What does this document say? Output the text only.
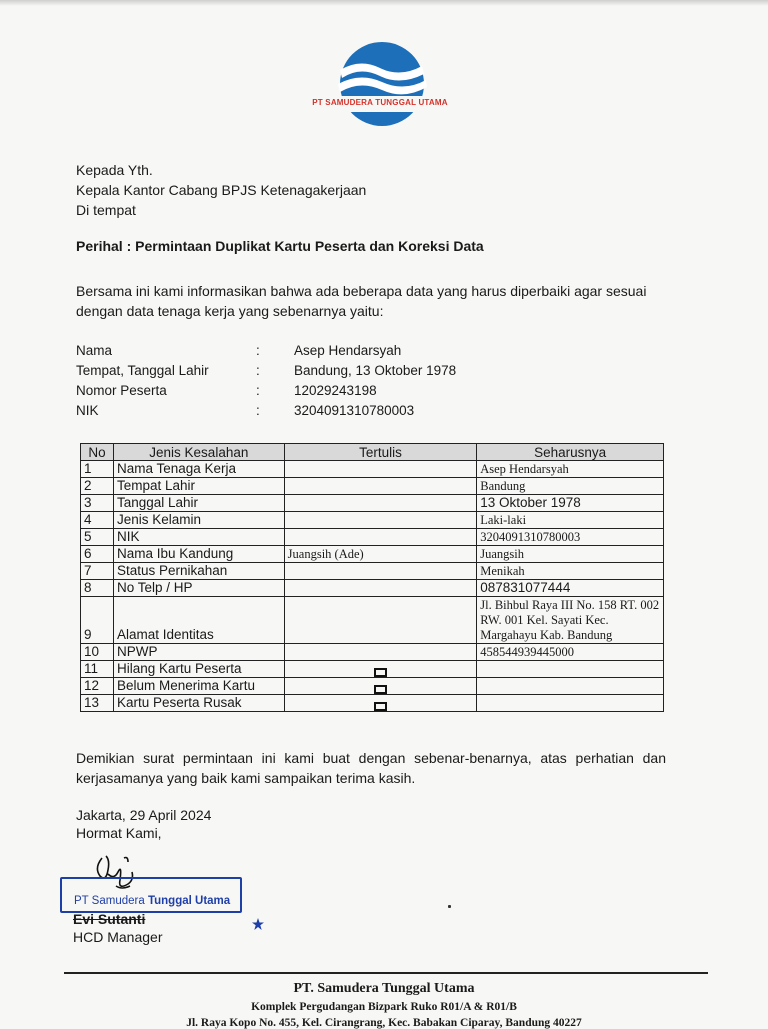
PT SAMUDERA TUNGGAL UTAMA
Kepada Yth.
Kepala Kantor Cabang BPJS Ketenagakerjaan
Di tempat
Perihal : Permintaan Duplikat Kartu Peserta dan Koreksi Data
Bersama ini kami informasikan bahwa ada beberapa data yang harus diperbaiki agar sesuai dengan data tenaga kerja yang sebenarnya yaitu:
Nama	:	Asep Hendarsyah
Tempat, Tanggal Lahir	:	Bandung, 13 Oktober 1978
Nomor Peserta	:	12029243198
NIK	:	3204091310780003
No	Jenis Kesalahan	Tertulis	Seharusnya
1	Nama Tenaga Kerja		Asep Hendarsyah
2	Tempat Lahir		Bandung
3	Tanggal Lahir		13 Oktober 1978
4	Jenis Kelamin		Laki-laki
5	NIK		3204091310780003
6	Nama Ibu Kandung	Juangsih (Ade)	Juangsih
7	Status Pernikahan		Menikah
8	No Telp / HP		087831077444
9	Alamat Identitas		Jl. Bihbul Raya III No. 158 RT. 002 RW. 001 Kel. Sayati Kec. Margahayu Kab. Bandung
10	NPWP		458544939445000
11	Hilang Kartu Peserta	

12	Belum Menerima Kartu	

13	Kartu Peserta Rusak	

Demikian surat permintaan ini kami buat dengan sebenar-benarnya, atas perhatian dan kerjasamanya yang baik kami sampaikan terima kasih.
Jakarta, 29 April 2024
Hormat Kami,
PT Samudera Tunggal Utama
Evi Sutanti
HCD Manager
PT. Samudera Tunggal Utama
Komplek Pergudangan Bizpark Ruko R01/A & R01/B
Jl. Raya Kopo No. 455, Kel. Cirangrang, Kec. Babakan Ciparay, Bandung 40227
